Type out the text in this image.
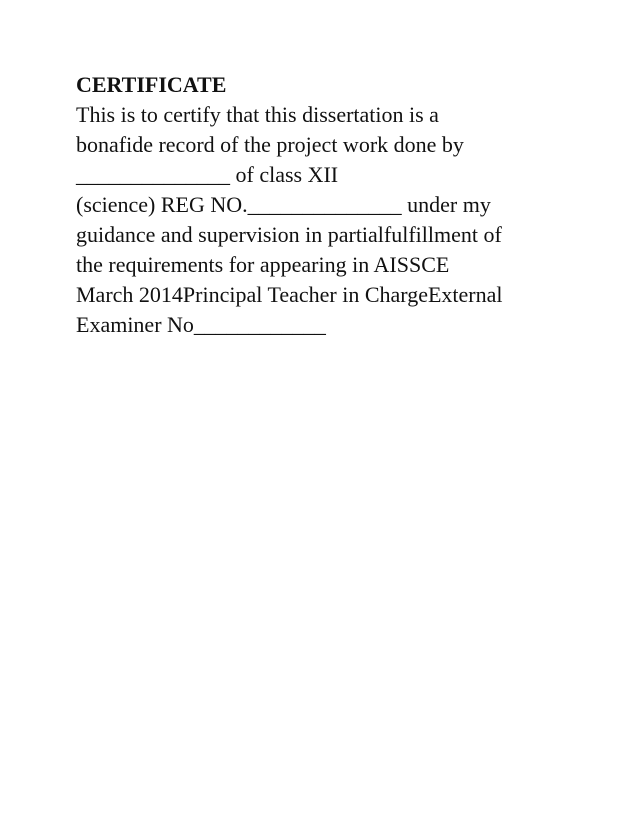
CERTIFICATE
This is to certify that this dissertation is a
bonafide record of the project work done by
______________ of class XII
(science) REG NO.______________ under my
guidance and supervision in partialfulfillment of
the requirements for appearing in AISSCE
March 2014Principal Teacher in ChargeExternal
Examiner No____________
